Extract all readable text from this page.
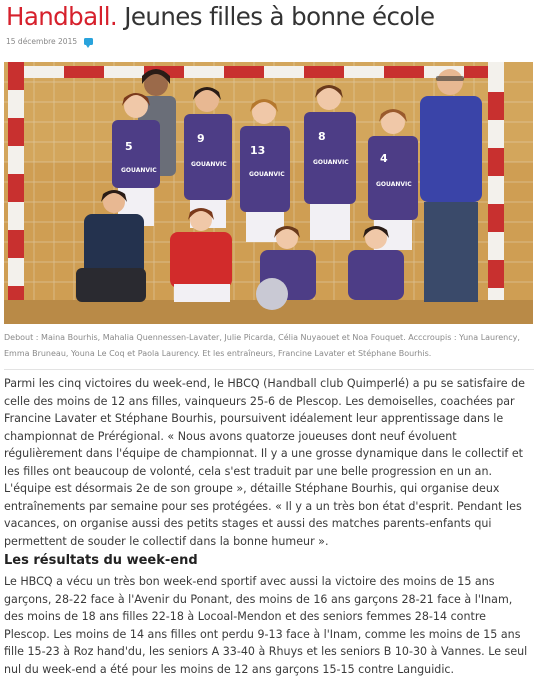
Handball. Jeunes filles à bonne école
15 décembre 2015
5
9
13
8
4
GOUANVIC
GOUANVIC
GOUANVIC
GOUANVIC
GOUANVIC

Debout : Maina Bourhis, Mahalia Quennessen-Lavater, Julie Picarda, Célia Nuyaouet et Noa Fouquet. Acccroupis : Yuna Laurency, Emma Bruneau, Youna Le Coq et Paola Laurency. Et les entraîneurs, Francine Lavater et Stéphane Bourhis.

Parmi les cinq victoires du week-end, le HBCQ (Handball club Quimperlé) a pu se satisfaire de celle des moins de 12 ans filles, vainqueurs 25-6 de Plescop. Les demoiselles, coachées par Francine Lavater et Stéphane Bourhis, poursuivent idéalement leur apprentissage dans le championnat de Prérégional. « Nous avons quatorze joueuses dont neuf évoluent régulièrement dans l'équipe de championnat. Il y a une grosse dynamique dans le collectif et les filles ont beaucoup de volonté, cela s'est traduit par une belle progression en un an. L'équipe est désormais 2e de son groupe », détaille Stéphane Bourhis, qui organise deux entraînements par semaine pour ses protégées. « Il y a un très bon état d'esprit. Pendant les vacances, on organise aussi des petits stages et aussi des matches parents-enfants qui permettent de souder le collectif dans la bonne humeur ».

Les résultats du week-end

Le HBCQ a vécu un très bon week-end sportif avec aussi la victoire des moins de 15 ans garçons, 28-22 face à l'Avenir du Ponant, des moins de 16 ans garçons 28-21 face à l'Inam, des moins de 18 ans filles 22-18 à Locoal-Mendon et des seniors femmes 28-14 contre Plescop. Les moins de 14 ans filles ont perdu 9-13 face à l'Inam, comme les moins de 15 ans fille 15-23 à Roz hand'du, les seniors A 33-40 à Rhuys et les seniors B 10-30 à Vannes. Le seul nul du week-end a été pour les moins de 12 ans garçons 15-15 contre Languidic.
